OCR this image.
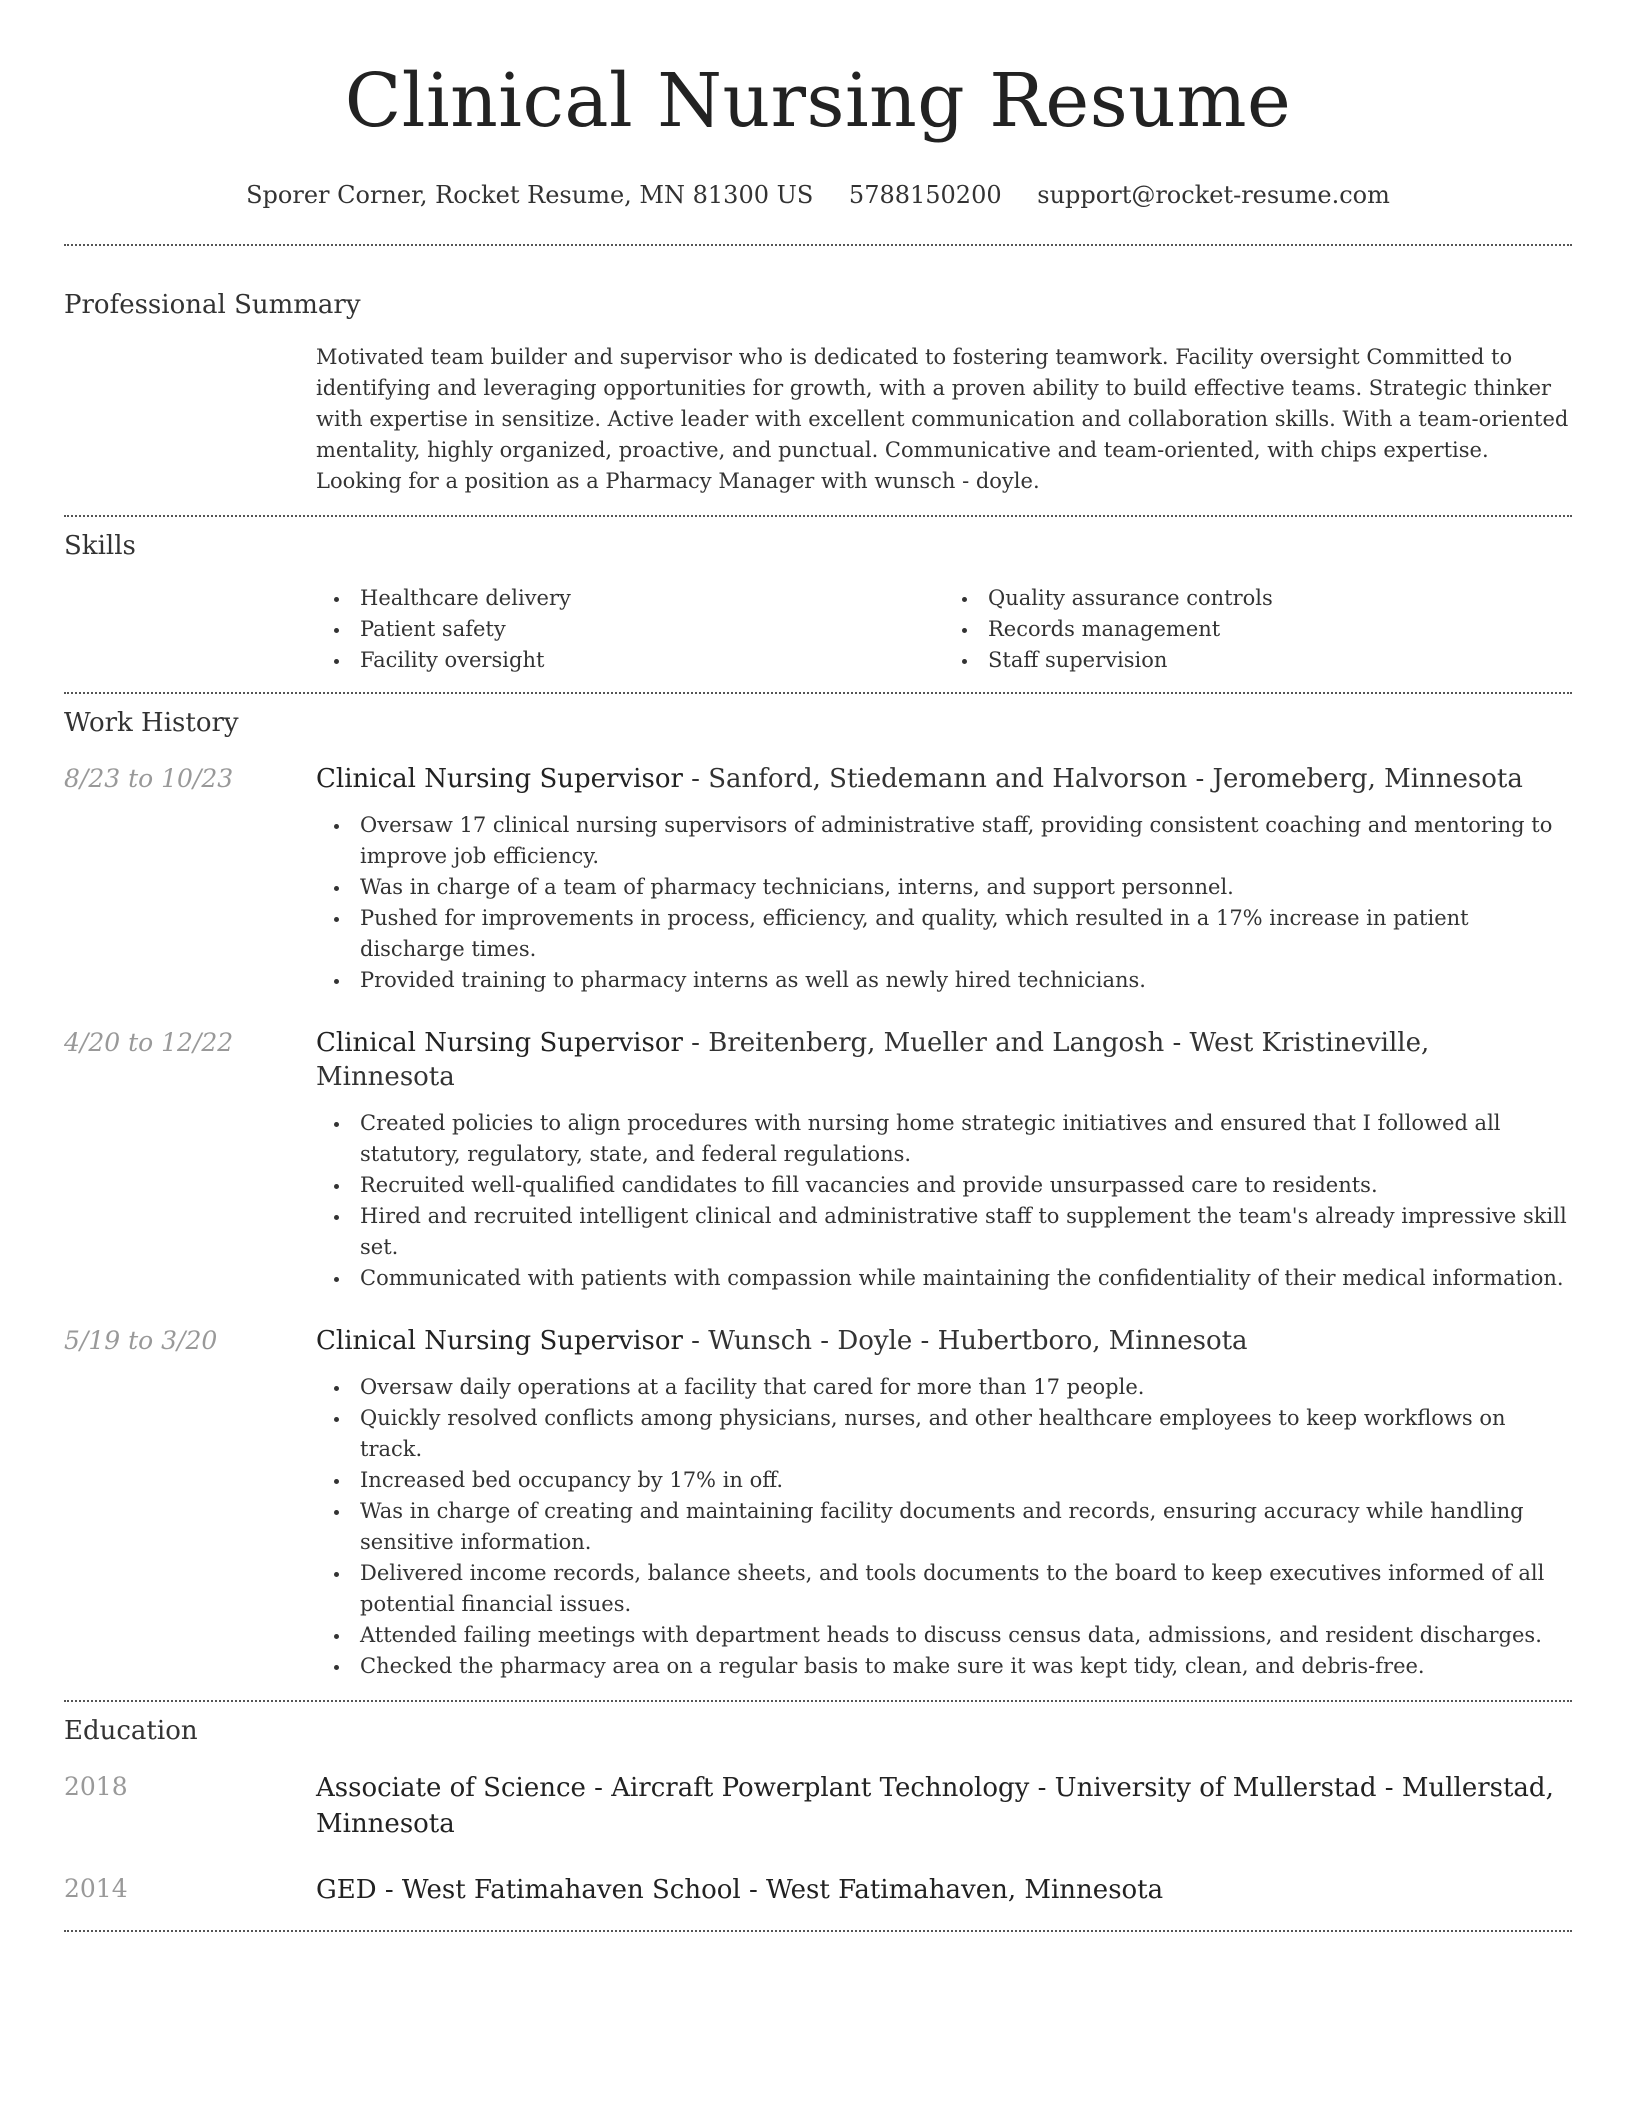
Clinical Nursing Resume
Sporer Corner, Rocket Resume, MN 81300 US 5788150200 support@rocket-resume.com
Professional Summary

Motivated team builder and supervisor who is dedicated to fostering teamwork. Facility oversight Committed to identifying and leveraging opportunities for growth, with a proven ability to build effective teams. Strategic thinker with expertise in sensitize. Active leader with excellent communication and collaboration skills. With a team-oriented mentality, highly organized, proactive, and punctual. Communicative and team-oriented, with chips expertise. Looking for a position as a Pharmacy Manager with wunsch - doyle.

Skills
Healthcare delivery
Patient safety
Facility oversight
Quality assurance controls
Records management
Staff supervision
Work History
8/23 to 10/23	Clinical Nursing Supervisor - Sanford, Stiedemann and Halvorson - Jeromeberg, Minnesota
Oversaw 17 clinical nursing supervisors of administrative staff, providing consistent coaching and mentoring to improve job efficiency.
Was in charge of a team of pharmacy technicians, interns, and support personnel.
Pushed for improvements in process, efficiency, and quality, which resulted in a 17% increase in patient discharge times.
Provided training to pharmacy interns as well as newly hired technicians.
4/20 to 12/22	Clinical Nursing Supervisor - Breitenberg, Mueller and Langosh - West Kristineville, Minnesota
Created policies to align procedures with nursing home strategic initiatives and ensured that I followed all statutory, regulatory, state, and federal regulations.
Recruited well-qualified candidates to fill vacancies and provide unsurpassed care to residents.
Hired and recruited intelligent clinical and administrative staff to supplement the team's already impressive skill set.
Communicated with patients with compassion while maintaining the confidentiality of their medical information.
5/19 to 3/20	Clinical Nursing Supervisor - Wunsch - Doyle - Hubertboro, Minnesota
Oversaw daily operations at a facility that cared for more than 17 people.
Quickly resolved conflicts among physicians, nurses, and other healthcare employees to keep workflows on track.
Increased bed occupancy by 17% in off.
Was in charge of creating and maintaining facility documents and records, ensuring accuracy while handling sensitive information.
Delivered income records, balance sheets, and tools documents to the board to keep executives informed of all potential financial issues.
Attended failing meetings with department heads to discuss census data, admissions, and resident discharges.
Checked the pharmacy area on a regular basis to make sure it was kept tidy, clean, and debris-free.
Education
2018	Associate of Science - Aircraft Powerplant Technology - University of Mullerstad - Mullerstad, Minnesota
2014	GED - West Fatimahaven School - West Fatimahaven, Minnesota
